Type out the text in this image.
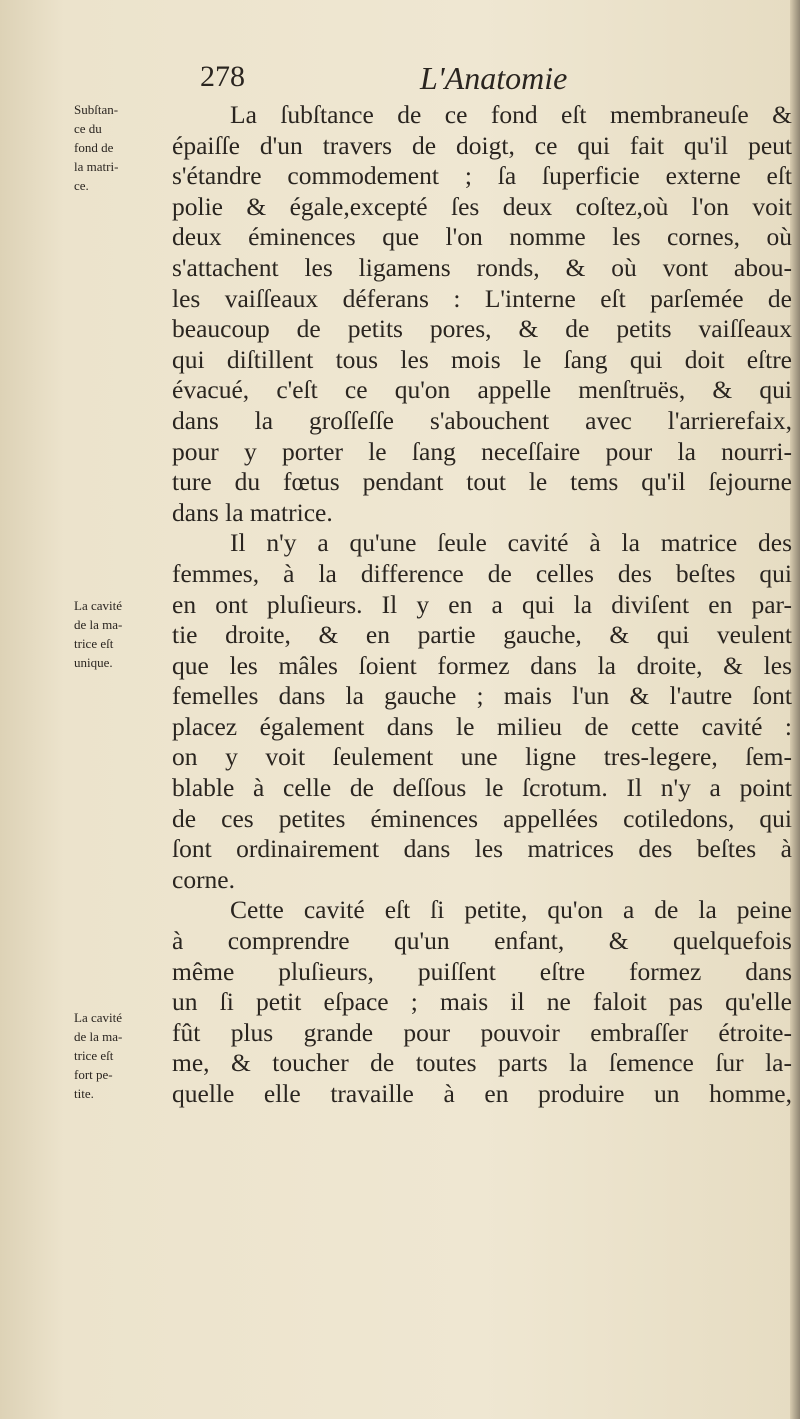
278	L'Anatomie
Subſtan-
ce du
fond de
la matri-
ce.
La cavité
de la ma-
trice eſt
unique.
La cavité
de la ma-
trice eſt
fort pe-
tite.
La ſubſtance de ce fond eſt membraneuſe &
épaiſſe d'un travers de doigt, ce qui fait qu'il peut
s'étandre commodement ; ſa ſuperficie externe eſt
polie & égale,excepté ſes deux coſtez,où l'on voit
deux éminences que l'on nomme les cornes, où
s'attachent les ligamens ronds, & où vont abou-
les vaiſſeaux déferans : L'interne eſt parſemée de
beaucoup de petits pores, & de petits vaiſſeaux
qui diſtillent tous les mois le ſang qui doit eſtre
évacué, c'eſt ce qu'on appelle menſtruës, & qui
dans la groſſeſſe s'abouchent avec l'arrierefaix,
pour y porter le ſang neceſſaire pour la nourri-
ture du fœtus pendant tout le tems qu'il ſejourne
dans la matrice.
Il n'y a qu'une ſeule cavité à la matrice des
femmes, à la difference de celles des beſtes qui
en ont pluſieurs. Il y en a qui la diviſent en par-
tie droite, & en partie gauche, & qui veulent
que les mâles ſoient formez dans la droite, & les
femelles dans la gauche ; mais l'un & l'autre ſont
placez également dans le milieu de cette cavité :
on y voit ſeulement une ligne tres-legere, ſem-
blable à celle de deſſous le ſcrotum. Il n'y a point
de ces petites éminences appellées cotiledons, qui
ſont ordinairement dans les matrices des beſtes à
corne.
Cette cavité eſt ſi petite, qu'on a de la peine
à comprendre qu'un enfant, & quelquefois
même pluſieurs, puiſſent eſtre formez dans
un ſi petit eſpace ; mais il ne faloit pas qu'elle
fût plus grande pour pouvoir embraſſer étroite-
me, & toucher de toutes parts la ſemence ſur la-
quelle elle travaille à en produire un homme,
